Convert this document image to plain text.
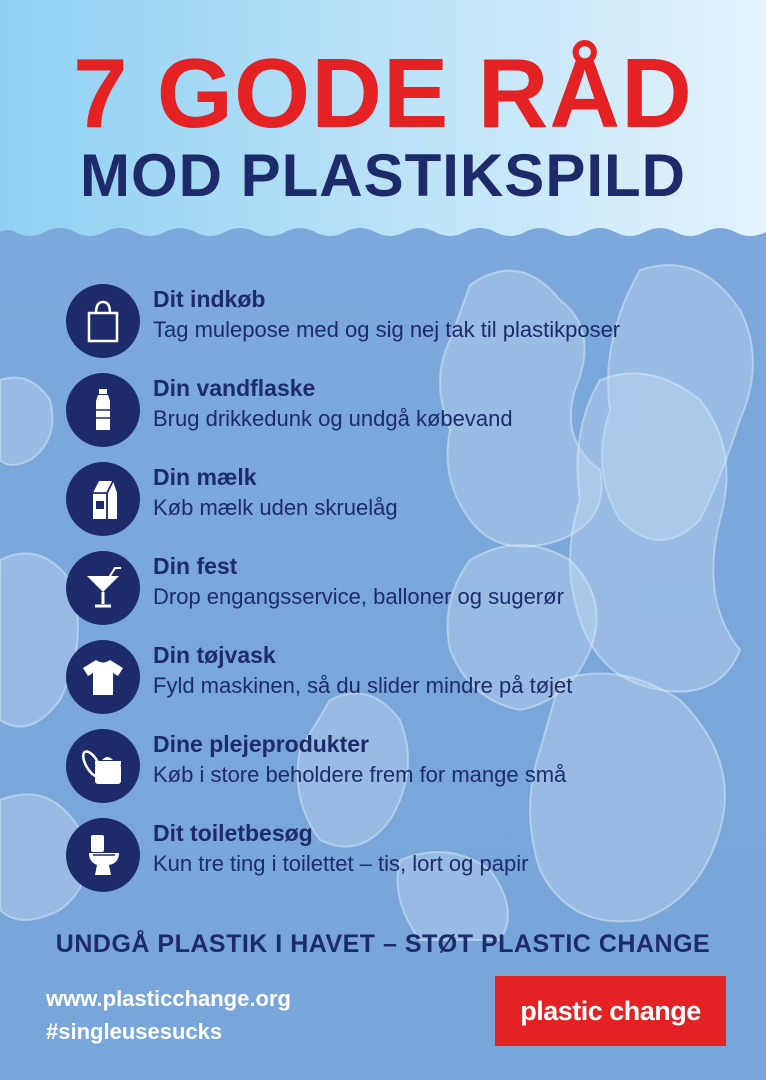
7 GODE RÅD
MOD PLASTIKSPILD
Dit indkøb
Tag mulepose med og sig nej tak til plastikposer
Din vandflaske
Brug drikkedunk og undgå købevand
Din mælk
Køb mælk uden skruelåg
Din fest
Drop engangsservice, balloner og sugerør
Din tøjvask
Fyld maskinen, så du slider mindre på tøjet
Dine plejeprodukter
Køb i store beholdere frem for mange små
Dit toiletbesøg
Kun tre ting i toilettet – tis, lort og papir
UNDGÅ PLASTIK I HAVET – STØT PLASTIC CHANGE
www.plasticchange.org
#singleusesucks
plastic change
